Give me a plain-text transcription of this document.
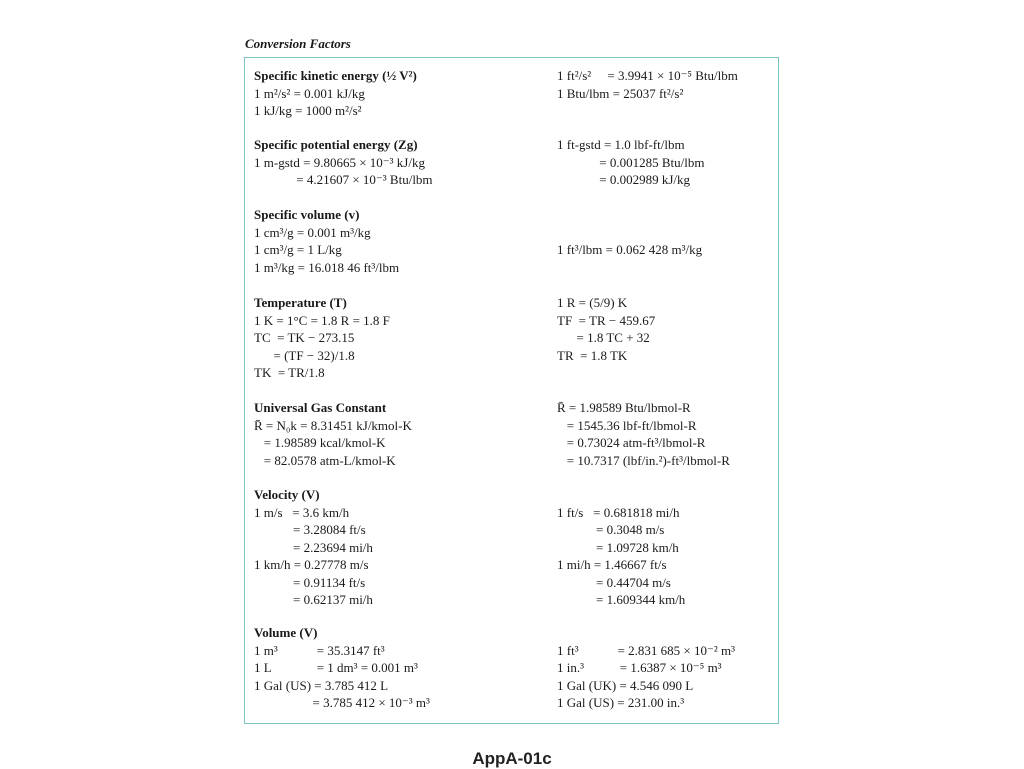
Conversion Factors
Specific kinetic energy (½ V²)
1 m²/s² = 0.001 kJ/kg
1 kJ/kg = 1000 m²/s²
1 ft²/s²     = 3.9941 × 10⁻⁵ Btu/lbm
1 Btu/lbm = 25037 ft²/s²
Specific potential energy (Zg)
1 m-gstd = 9.80665 × 10⁻³ kJ/kg
= 4.21607 × 10⁻³ Btu/lbm
1 ft-gstd = 1.0 lbf-ft/lbm
= 0.001285 Btu/lbm
= 0.002989 kJ/kg
Specific volume (v)
1 cm³/g = 0.001 m³/kg
1 cm³/g = 1 L/kg
1 m³/kg = 16.018 46 ft³/lbm
1 ft³/lbm = 0.062 428 m³/kg
Temperature (T)
1 K = 1°C = 1.8 R = 1.8 F
TC  = TK − 273.15
= (TF − 32)/1.8
TK  = TR/1.8
1 R = (5/9) K
TF  = TR − 459.67
= 1.8 TC + 32
TR  = 1.8 TK
Universal Gas Constant
R̄ = N₀k = 8.31451 kJ/kmol-K
= 1.98589 kcal/kmol-K
= 82.0578 atm-L/kmol-K
R̄ = 1.98589 Btu/lbmol-R
= 1545.36 lbf-ft/lbmol-R
= 0.73024 atm-ft³/lbmol-R
= 10.7317 (lbf/in.²)-ft³/lbmol-R
Velocity (V)
1 m/s   = 3.6 km/h
= 3.28084 ft/s
= 2.23694 mi/h
1 km/h = 0.27778 m/s
= 0.91134 ft/s
= 0.62137 mi/h
1 ft/s   = 0.681818 mi/h
= 0.3048 m/s
= 1.09728 km/h
1 mi/h = 1.46667 ft/s
= 0.44704 m/s
= 1.609344 km/h
Volume (V)
1 m³            = 35.3147 ft³
1 L              = 1 dm³ = 0.001 m³
1 Gal (US) = 3.785 412 L
= 3.785 412 × 10⁻³ m³
1 ft³            = 2.831 685 × 10⁻² m³
1 in.³           = 1.6387 × 10⁻⁵ m³
1 Gal (UK) = 4.546 090 L
1 Gal (US) = 231.00 in.³
AppA-01c
